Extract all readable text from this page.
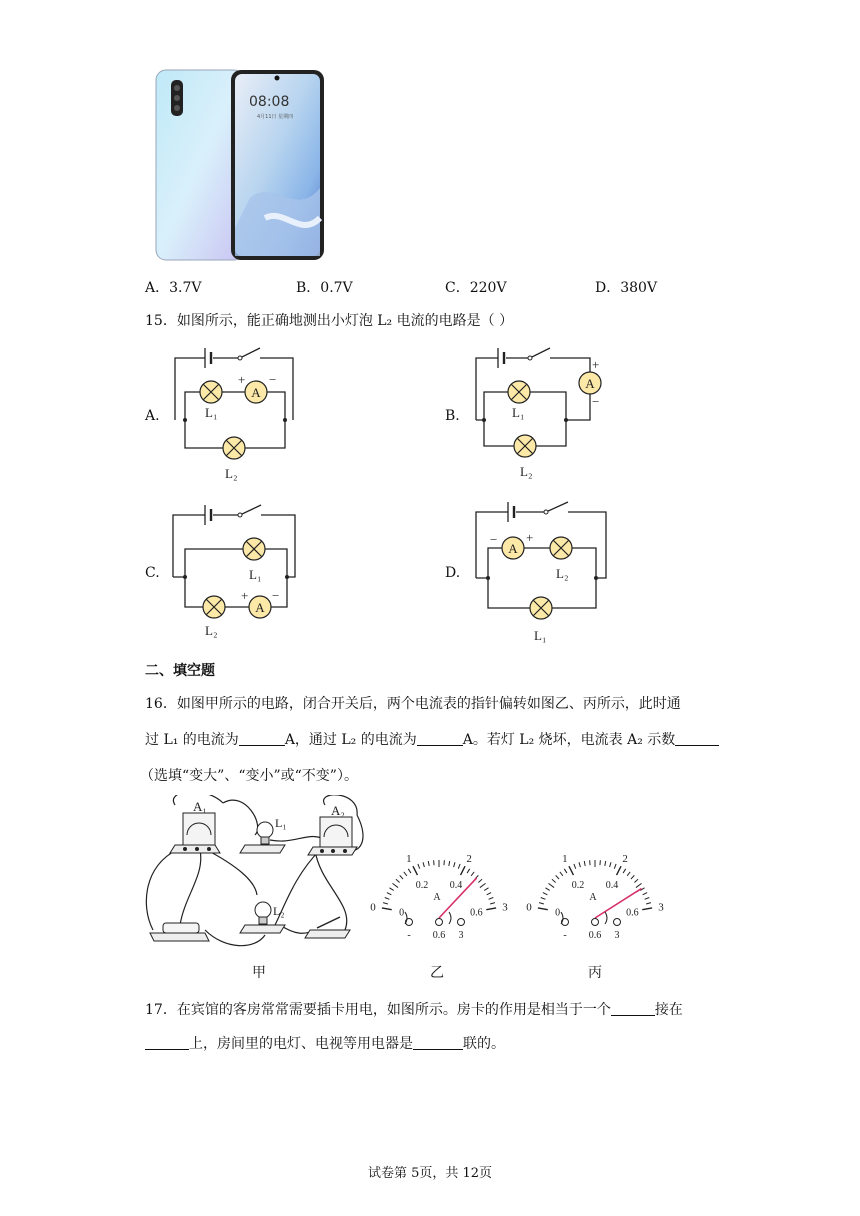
08:08
4月11日 星期四
A．3.7V	B．0.7V	C．220V	D．380V
15．如图所示，能正确地测出小灯泡 L₂ 电流的电路是（ ）
A.	B.
C.	D.
A
+ −
L₁
L₂
A
+
−
L₁
L₂
A
+ −
L₁
L₂
A
− +
L₂
L₁
二、填空题
16．如图甲所示的电路，闭合开关后，两个电流表的指针偏转如图乙、丙所示，此时通
过 L₁ 的电流为	A，通过 L₂ 的电流为	A。若灯 L₂ 烧坏，电流表 A₂ 示数
（选填“变大”、“变小”或“不变”）。
A₁
L₁
A₂
L₂	0
1	2
3
0
0.2 0.4
0.6
A
- 0.6 3
0
1	2
3
0
0.2 0.4
0.6
A
- 0.6 3
甲	乙	丙
17．在宾馆的客房常常需要插卡用电，如图所示。房卡的作用是相当于一个	接在
上，房间里的电灯、电视等用电器是	联的。
试卷第 5页，共 12页
